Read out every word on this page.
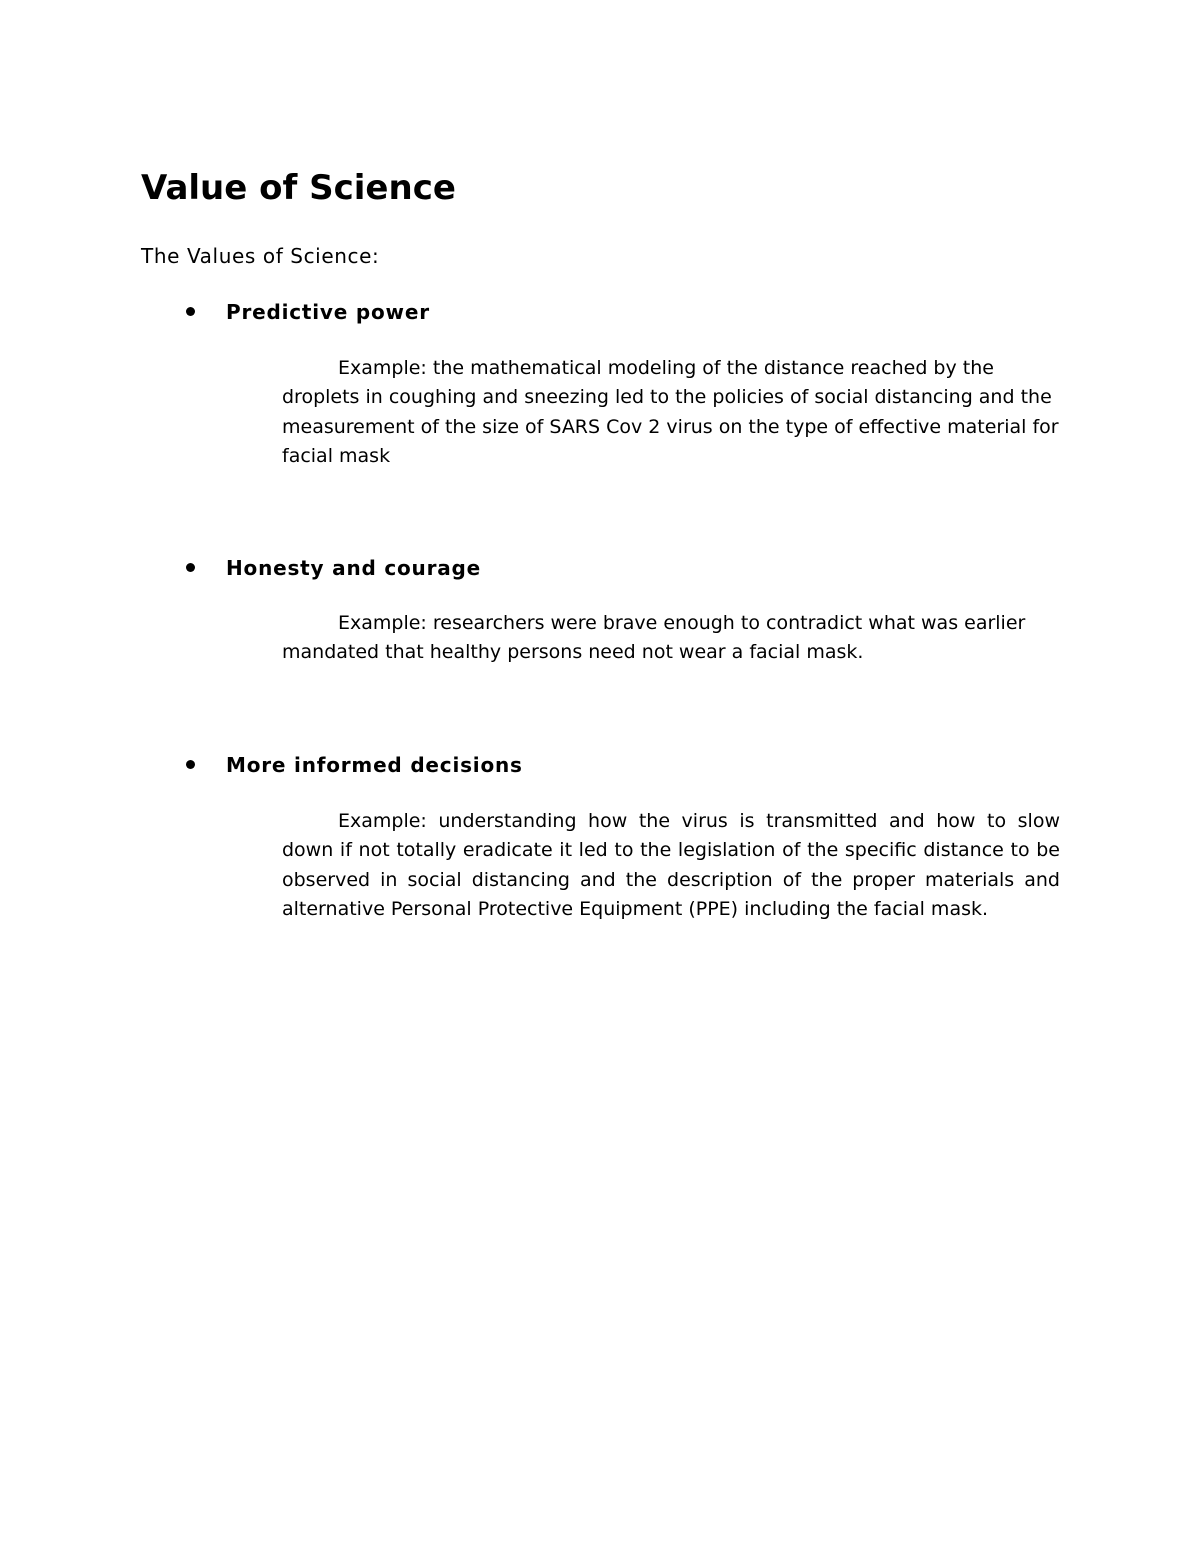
Value of Science

The Values of Science:

Predictive power

Example: the mathematical modeling of the distance reached by the droplets in coughing and sneezing led to the policies of social distancing and the measurement of the size of SARS Cov 2 virus on the type of effective material for facial mask

Honesty and courage

Example: researchers were brave enough to contradict what was earlier mandated that healthy persons need not wear a facial mask.

More informed decisions

Example: understanding how the virus is transmitted and how to slow down if not totally eradicate it led to the legislation of the specific distance to be observed in social distancing and the description of the proper materials and alternative Personal Protective Equipment (PPE) including the facial mask.
